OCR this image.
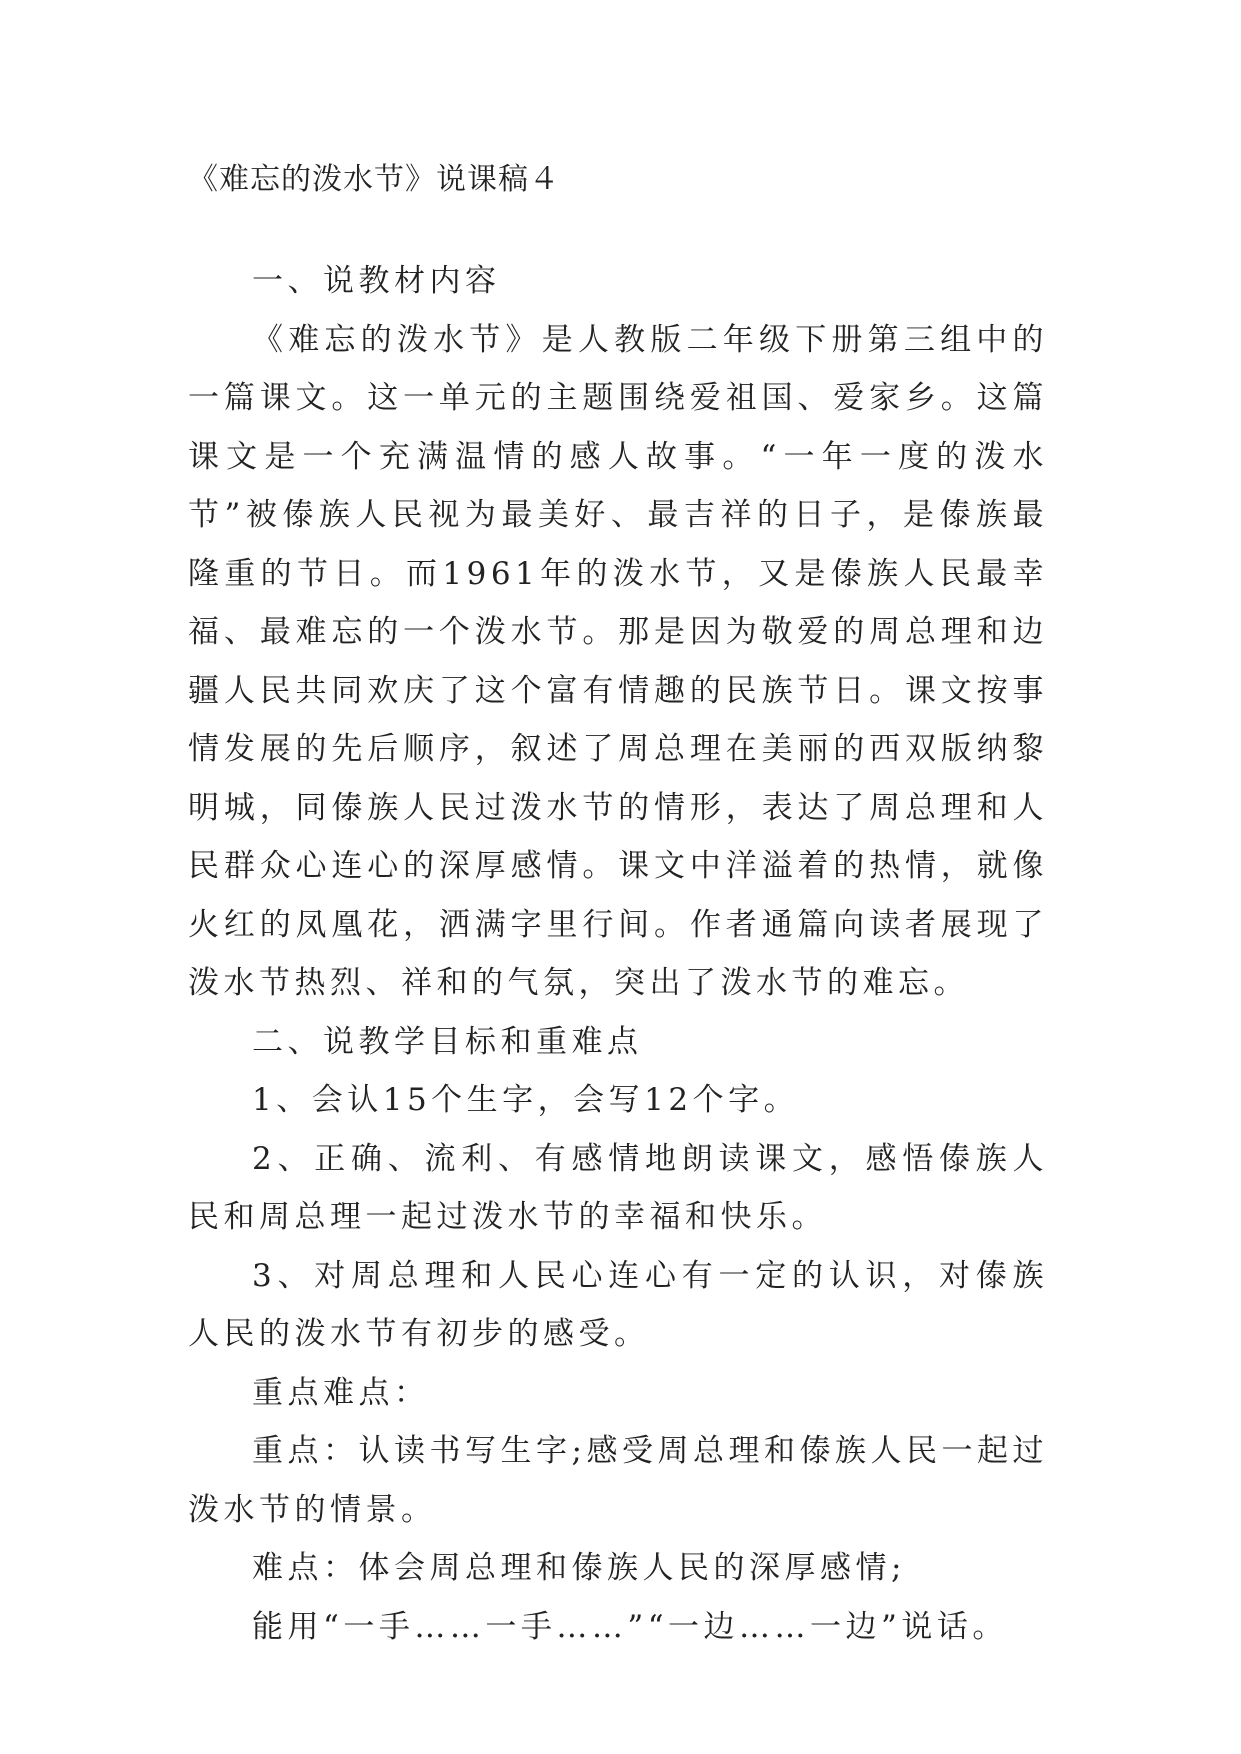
《难忘的泼水节》说课稿４

一、说教材内容

《难忘的泼水节》是人教版二年级下册第三组中的一篇课文。这一单元的主题围绕爱祖国、爱家乡。这篇课文是一个充满温情的感人故事。“一年一度的泼水节”被傣族人民视为最美好、最吉祥的日子，是傣族最隆重的节日。而1961年的泼水节，又是傣族人民最幸福、最难忘的一个泼水节。那是因为敬爱的周总理和边疆人民共同欢庆了这个富有情趣的民族节日。课文按事情发展的先后顺序，叙述了周总理在美丽的西双版纳黎明城，同傣族人民过泼水节的情形，表达了周总理和人民群众心连心的深厚感情。课文中洋溢着的热情，就像火红的凤凰花，洒满字里行间。作者通篇向读者展现了泼水节热烈、祥和的气氛，突出了泼水节的难忘。

二、说教学目标和重难点

1、会认15个生字，会写12个字。

2、正确、流利、有感情地朗读课文，感悟傣族人民和周总理一起过泼水节的幸福和快乐。

3、对周总理和人民心连心有一定的认识，对傣族人民的泼水节有初步的感受。

重点难点：

重点：认读书写生字;感受周总理和傣族人民一起过泼水节的情景。

难点：体会周总理和傣族人民的深厚感情;

能用“一手……一手……”“一边……一边”说话。
